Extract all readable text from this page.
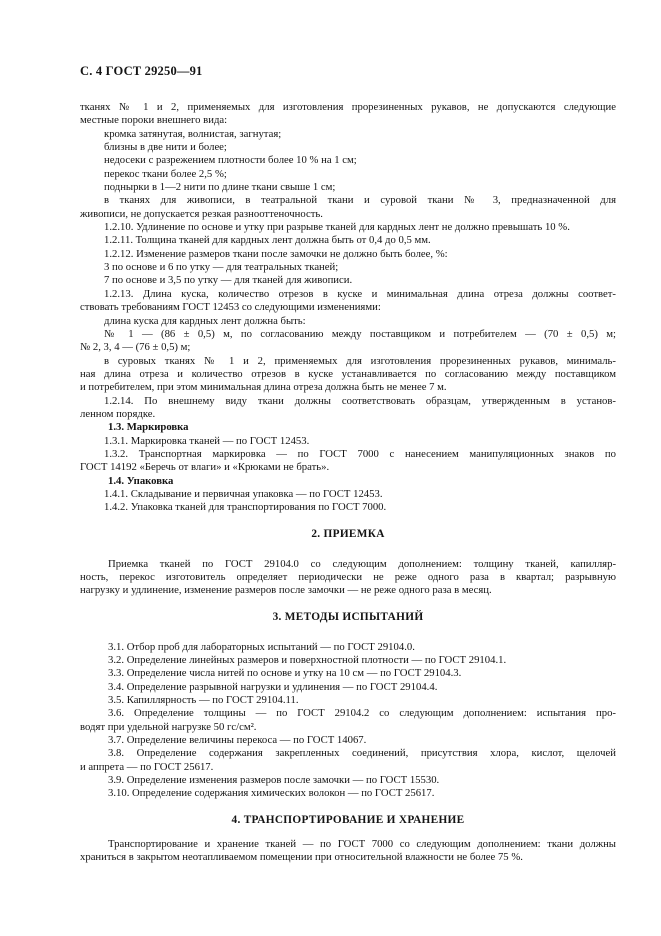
С. 4 ГОСТ 29250—91

тканях № 1 и 2, применяемых для изготовления прорезиненных рукавов, не допускаются следующие

местные пороки внешнего вида:

кромка затянутая, волнистая, загнутая;

близны в две нити и более;

недосеки с разрежением плотности более 10 % на 1 см;

перекос ткани более 2,5 %;

поднырки в 1—2 нити по длине ткани свыше 1 см;

в тканях для живописи, в театральной ткани и суровой ткани № 3, предназначенной для

живописи, не допускается резкая разнооттеночность.

1.2.10. Удлинение по основе и утку при разрыве тканей для кардных лент не должно превышать 10 %.

1.2.11. Толщина тканей для кардных лент должна быть от 0,4 до 0,5 мм.

1.2.12. Изменение размеров ткани после замочки не должно быть более, %:

3 по основе и 6 по утку — для театральных тканей;

7 по основе и 3,5 по утку — для тканей для живописи.

1.2.13. Длина куска, количество отрезов в куске и минимальная длина отреза должны соответ-

ствовать требованиям ГОСТ 12453 со следующими изменениями:

длина куска для кардных лент должна быть:

№ 1 — (86 ± 0,5) м, по согласованию между поставщиком и потребителем — (70 ± 0,5) м;

№ 2, 3, 4 — (76 ± 0,5) м;

в суровых тканях № 1 и 2, применяемых для изготовления прорезиненных рукавов, минималь-

ная длина отреза и количество отрезов в куске устанавливается по согласованию между поставщиком

и потребителем, при этом минимальная длина отреза должна быть не менее 7 м.

1.2.14. По внешнему виду ткани должны соответствовать образцам, утвержденным в установ-

ленном порядке.

1.3. Маркировка

1.3.1. Маркировка тканей — по ГОСТ 12453.

1.3.2. Транспортная маркировка — по ГОСТ 7000 с нанесением манипуляционных знаков по

ГОСТ 14192 «Беречь от влаги» и «Крюками не брать».

1.4. Упаковка

1.4.1. Складывание и первичная упаковка — по ГОСТ 12453.

1.4.2. Упаковка тканей для транспортирования по ГОСТ 7000.

2. ПРИЕМКА

Приемка тканей по ГОСТ 29104.0 со следующим дополнением: толщину тканей, капилляр-

ность, перекос изготовитель определяет периодически не реже одного раза в квартал; разрывную

нагрузку и удлинение, изменение размеров после замочки — не реже одного раза в месяц.

3. МЕТОДЫ ИСПЫТАНИЙ

3.1. Отбор проб для лабораторных испытаний — по ГОСТ 29104.0.

3.2. Определение линейных размеров и поверхностной плотности — по ГОСТ 29104.1.

3.3. Определение числа нитей по основе и утку на 10 см — по ГОСТ 29104.3.

3.4. Определение разрывной нагрузки и удлинения — по ГОСТ 29104.4.

3.5. Капиллярность — по ГОСТ 29104.11.

3.6. Определение толщины — по ГОСТ 29104.2 со следующим дополнением: испытания про-

водят при удельной нагрузке 50 гс/см².

3.7. Определение величины перекоса — по ГОСТ 14067.

3.8. Определение содержания закрепленных соединений, присутствия хлора, кислот, щелочей

и аппрета — по ГОСТ 25617.

3.9. Определение изменения размеров после замочки — по ГОСТ 15530.

3.10. Определение содержания химических волокон — по ГОСТ 25617.

4. ТРАНСПОРТИРОВАНИЕ И ХРАНЕНИЕ

Транспортирование и хранение тканей — по ГОСТ 7000 со следующим дополнением: ткани должны

храниться в закрытом неотапливаемом помещении при относительной влажности не более 75 %.
